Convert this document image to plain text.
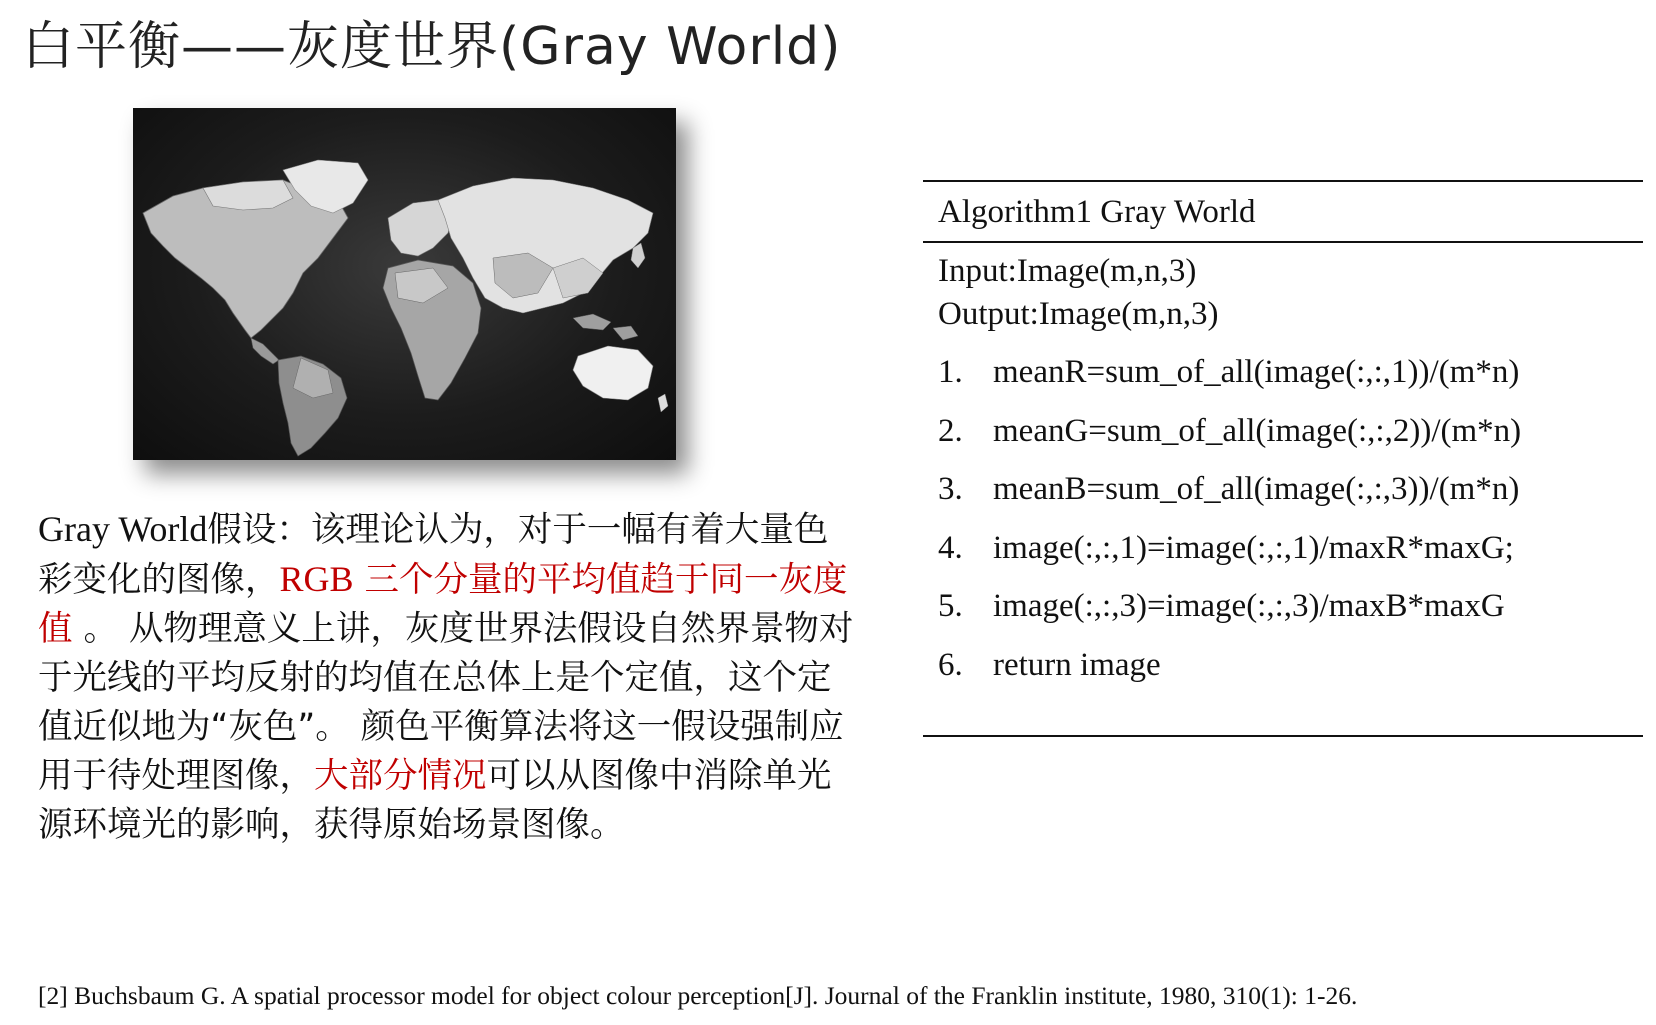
白平衡——灰度世界(Gray World)
Gray World假设：该理论认为，对于一幅有着大量色彩变化的图像，RGB 三个分量的平均值趋于同一灰度值 。 从物理意义上讲，灰度世界法假设自然界景物对于光线的平均反射的均值在总体上是个定值，这个定值近似地为“灰色”。 颜色平衡算法将这一假设强制应用于待处理图像，大部分情况可以从图像中消除单光源环境光的影响，获得原始场景图像。
Algorithm1 Gray World
Input:Image(m,n,3)
Output:Image(m,n,3)
1. meanR=sum_of_all(image(:,:,1))/(m*n)
2. meanG=sum_of_all(image(:,:,2))/(m*n)
3. meanB=sum_of_all(image(:,:,3))/(m*n)
4. image(:,:,1)=image(:,:,1)/maxR*maxG;
5. image(:,:,3)=image(:,:,3)/maxB*maxG
6. return image
[2] Buchsbaum G. A spatial processor model for object colour perception[J]. Journal of the Franklin institute, 1980, 310(1): 1-26.
